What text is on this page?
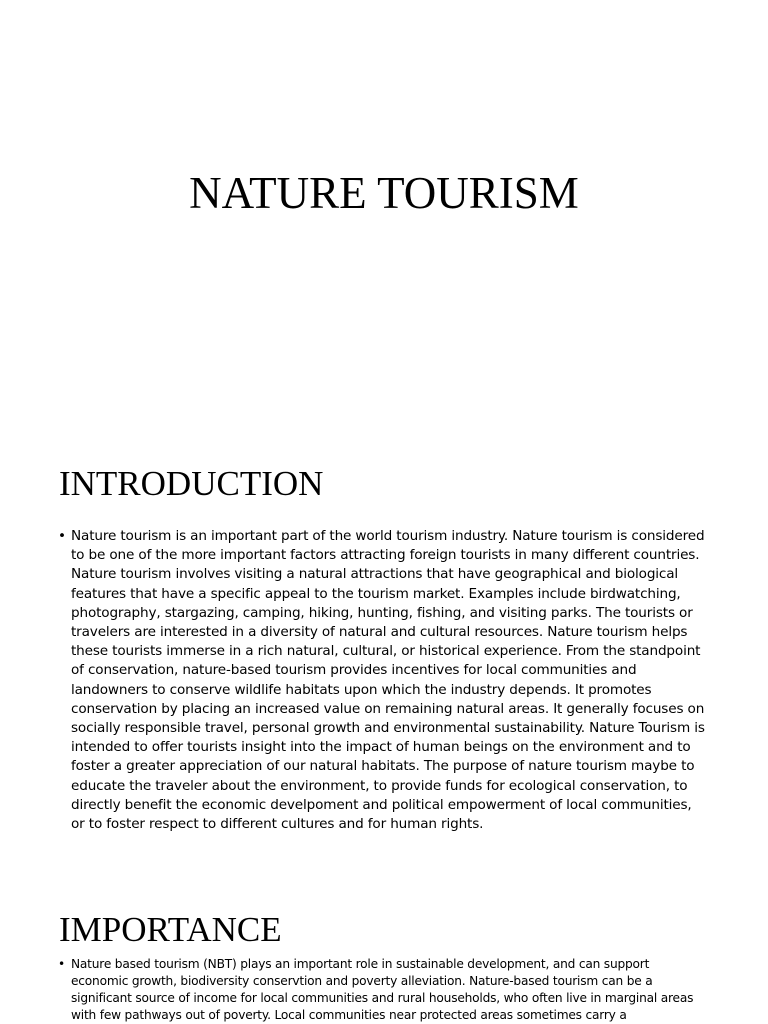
NATURE TOURISM
INTRODUCTION
• Nature tourism is an important part of the world tourism industry. Nature tourism is considered to be one of the more important factors attracting foreign tourists in many different countries. Nature tourism involves visiting a natural attractions that have geographical and biological features that have a specific appeal to the tourism market. Examples include birdwatching, photography, stargazing, camping, hiking, hunting, fishing, and visiting parks. The tourists or travelers are interested in a diversity of natural and cultural resources. Nature tourism helps these tourists immerse in a rich natural, cultural, or historical experience. From the standpoint of conservation, nature-based tourism provides incentives for local communities and landowners to conserve wildlife habitats upon which the industry depends. It promotes conservation by placing an increased value on remaining natural areas. It generally focuses on socially responsible travel, personal growth and environmental sustainability. Nature Tourism is intended to offer tourists insight into the impact of human beings on the environment and to foster a greater appreciation of our natural habitats. The purpose of nature tourism maybe to educate the traveler about the environment, to provide funds for ecological conservation, to directly benefit the economic develpoment and political empowerment of local communities, or to foster respect to different cultures and for human rights.
IMPORTANCE
• Nature based tourism (NBT) plays an important role in sustainable development, and can support economic growth, biodiversity conservtion and poverty alleviation. Nature-based tourism can be a significant source of income for local communities and rural households, who often live in marginal areas with few pathways out of poverty. Local communities near protected areas sometimes carry a
